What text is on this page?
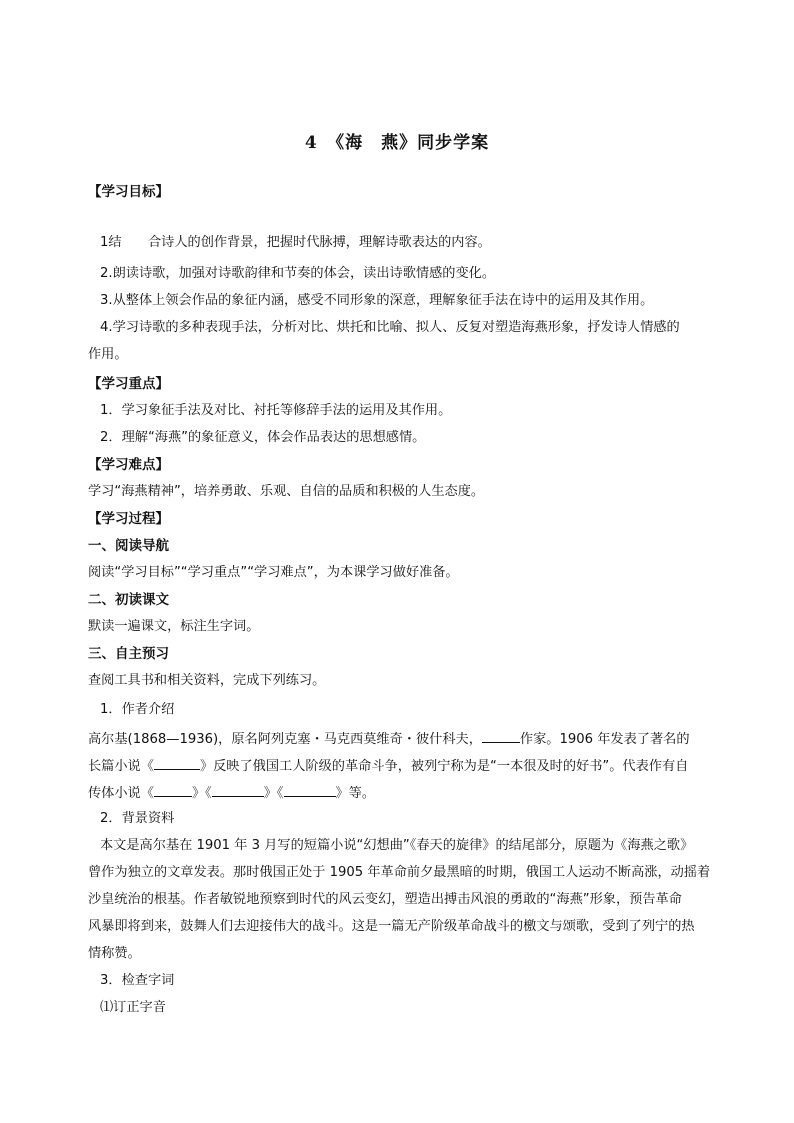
4　《海　燕》同步学案
【学习目标】
1结　　合诗人的创作背景，把握时代脉搏，理解诗歌表达的内容。
2.朗读诗歌，加强对诗歌韵律和节奏的体会，读出诗歌情感的变化。
3.从整体上领会作品的象征内涵，感受不同形象的深意，理解象征手法在诗中的运用及其作用。
4.学习诗歌的多种表现手法，分析对比、烘托和比喻、拟人、反复对塑造海燕形象，抒发诗人情感的
作用。
【学习重点】
1．学习象征手法及对比、衬托等修辞手法的运用及其作用。
2．理解“海燕”的象征意义，体会作品表达的思想感情。
【学习难点】
学习“海燕精神”，培养勇敢、乐观、自信的品质和积极的人生态度。
【学习过程】
一、阅读导航
阅读“学习目标”“学习重点”“学习难点”，为本课学习做好准备。
二、初读课文
默读一遍课文，标注生字词。
三、自主预习
查阅工具书和相关资料，完成下列练习。
1．作者介绍
高尔基(1868—1936)，原名阿列克塞・马克西莫维奇・彼什科夫，	作家。1906 年发表了著名的
长篇小说《	》反映了俄国工人阶级的革命斗争，被列宁称为是“一本很及时的好书”。代表作有自
传体小说《	》《	》《	》等。
2．背景资料
本文是高尔基在 1901 年 3 月写的短篇小说“幻想曲”《春天的旋律》的结尾部分，原题为《海燕之歌》
曾作为独立的文章发表。那时俄国正处于 1905 年革命前夕最黑暗的时期，俄国工人运动不断高涨，动摇着
沙皇统治的根基。作者敏锐地预察到时代的风云变幻，塑造出搏击风浪的勇敢的“海燕”形象，预告革命
风暴即将到来，鼓舞人们去迎接伟大的战斗。这是一篇无产阶级革命战斗的檄文与颂歌，受到了列宁的热
情称赞。
3．检查字词
⑴订正字音
